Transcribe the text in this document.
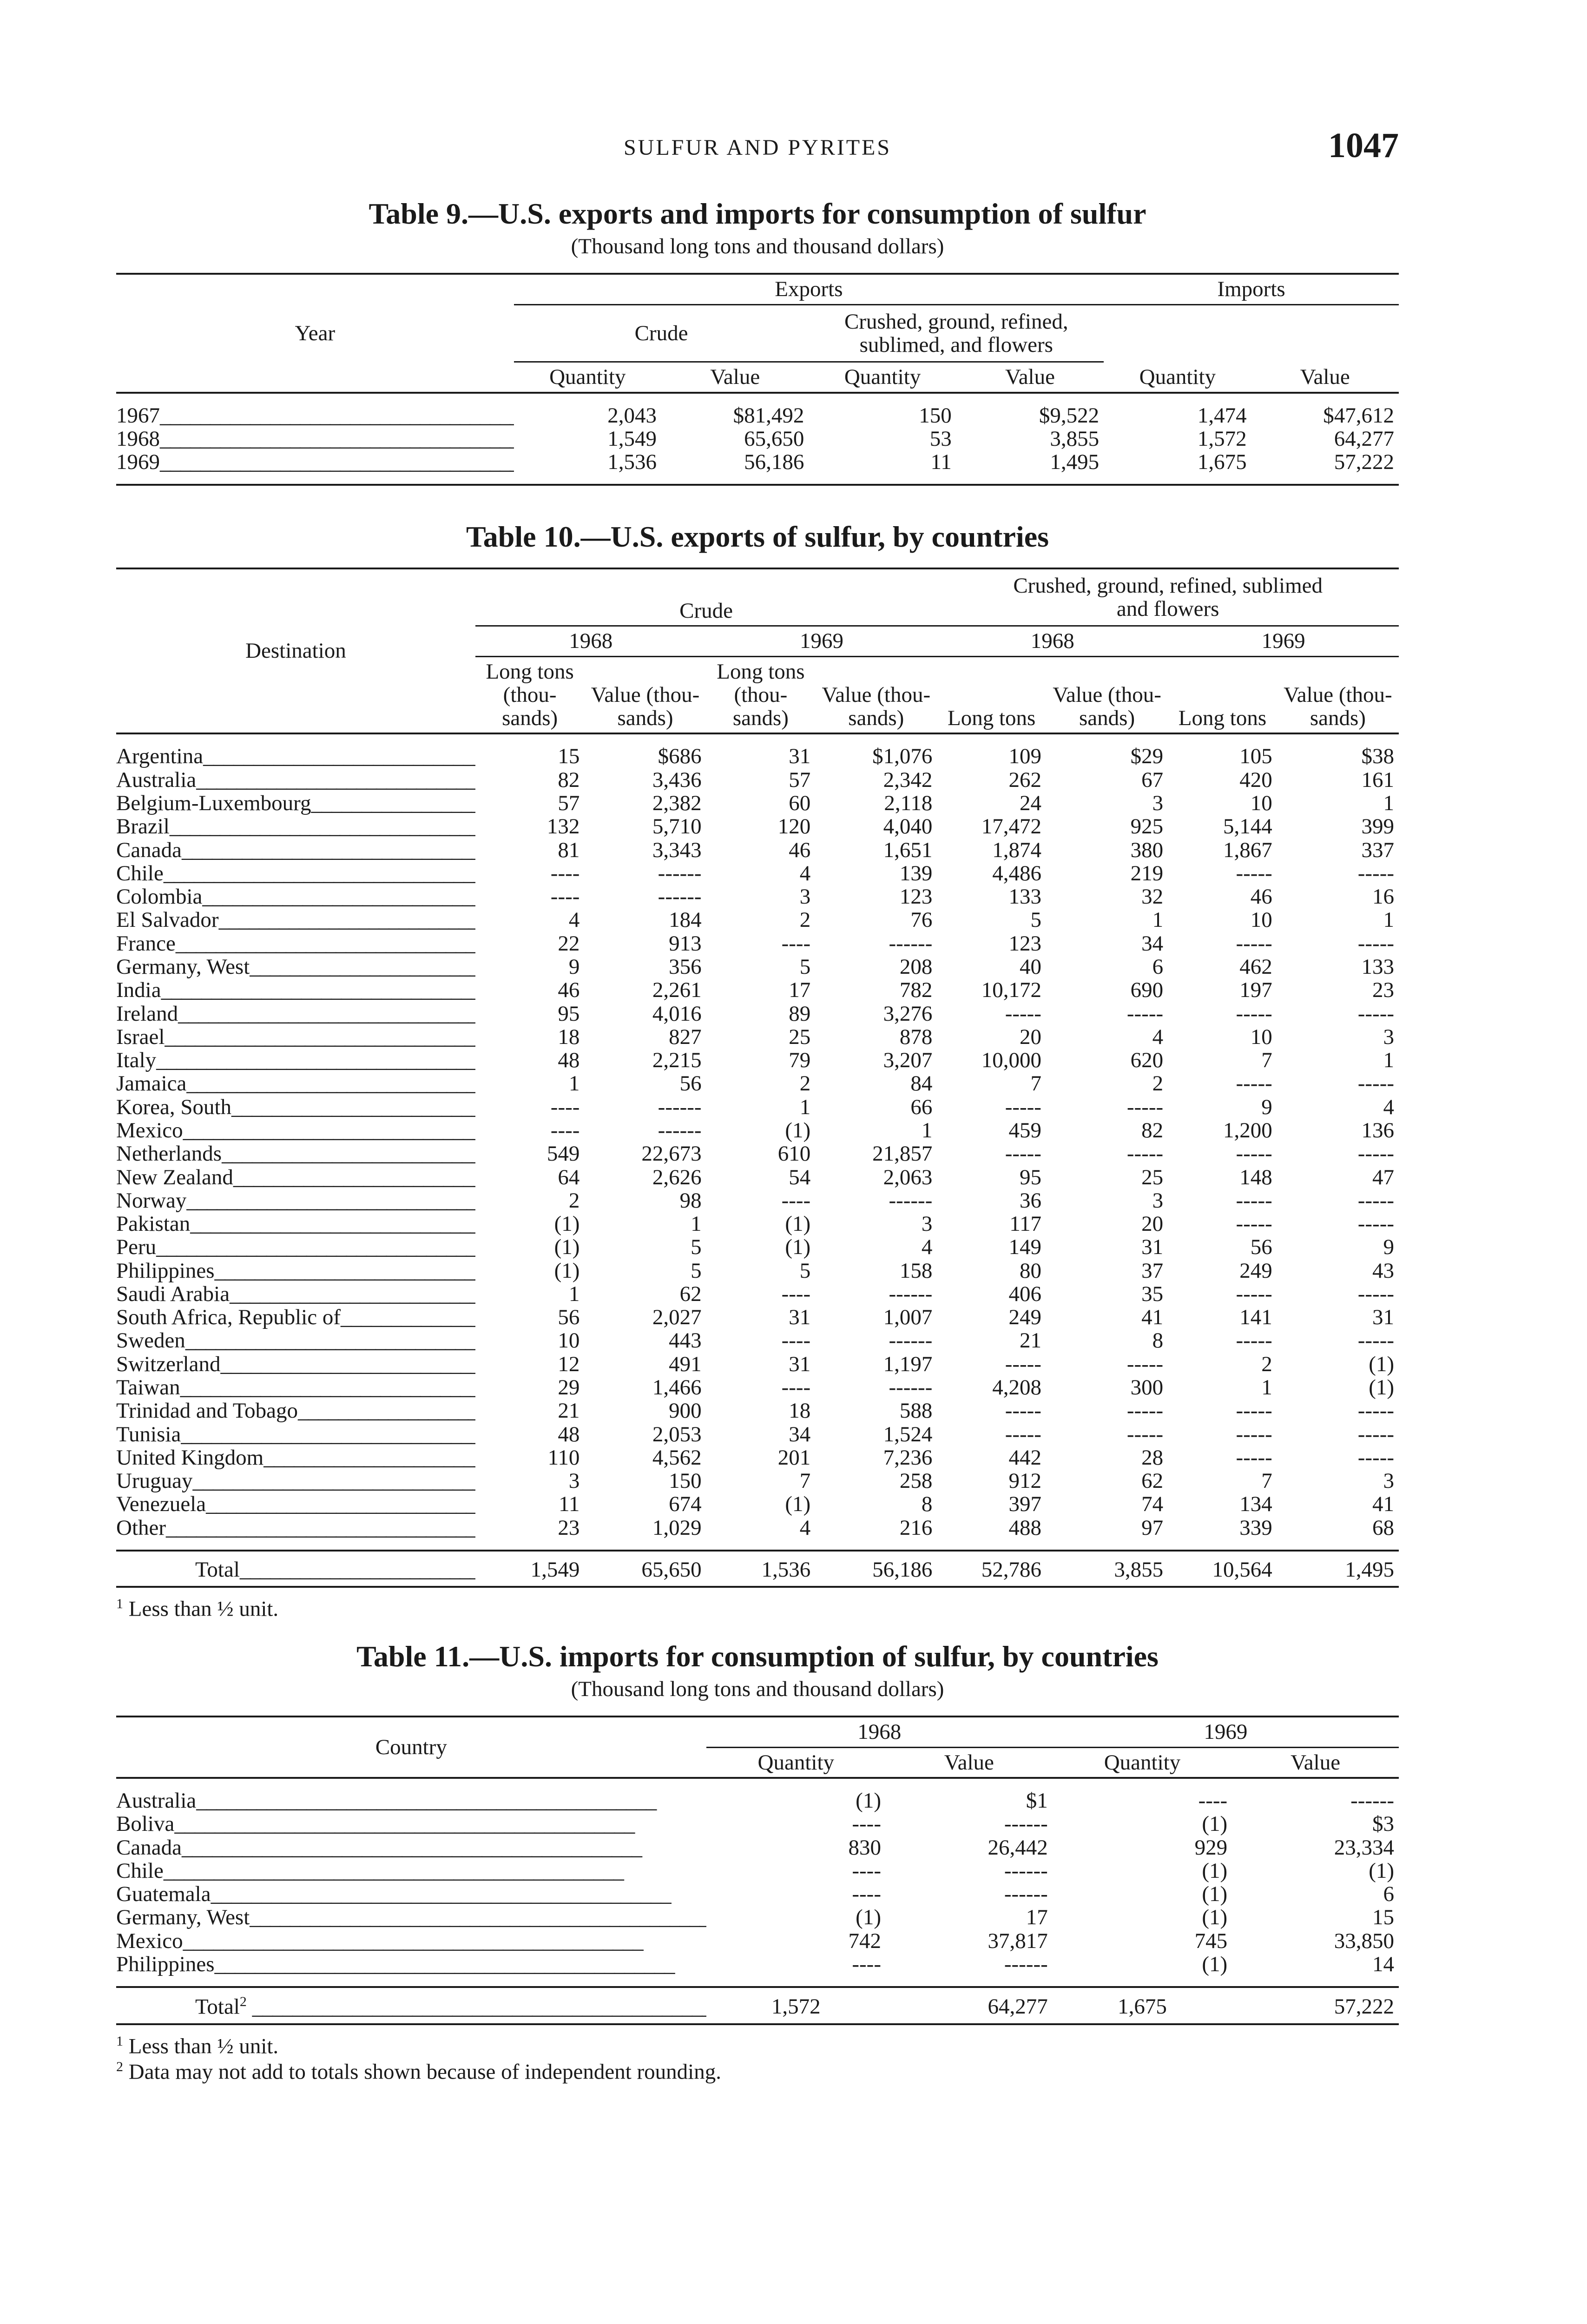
SULFUR AND PYRITES	1047
Table 9.—U.S. exports and imports for consumption of sulfur
(Thousand long tons and thousand dollars)
Year	Exports				Imports	
	Crude		Crushed, ground, refined, sublimed, and flowers			
	Quantity	Value	Quantity	Value	Quantity	Value

1967_____	2,043	$81,492	150	$9,522	1,474	$47,612
1968_____	1,549	65,650	53	3,855	1,572	64,277
1969_____	1,536	56,186	11	1,495	1,675	57,222

Table 10.—U.S. exports of sulfur, by countries
Destination	Crude				Crushed, ground, refined, sublimed and flowers			
	1968		1969		1968		1969	
	Long tons (thou- sands)	Value (thou- sands)	Long tons (thou- sands)	Value (thou- sands)	Long tons	Value (thou- sands)	Long tons	Value (thou- sands)

Argentina_____	15	$686	31	$1,076	109	$29	105	$38
Australia_____	82	3,436	57	2,342	262	67	420	161
Belgium-Luxembourg_____	57	2,382	60	2,118	24	3	10	1
Brazil_____	132	5,710	120	4,040	17,472	925	5,144	399
Canada_____	81	3,343	46	1,651	1,874	380	1,867	337
Chile_____	----	------	4	139	4,486	219	-----	-----
Colombia_____	----	------	3	123	133	32	46	16
El Salvador_____	4	184	2	76	5	1	10	1
France_____	22	913	----	------	123	34	-----	-----
Germany, West_____	9	356	5	208	40	6	462	133
India_____	46	2,261	17	782	10,172	690	197	23
Ireland_____	95	4,016	89	3,276	-----	-----	-----	-----
Israel_____	18	827	25	878	20	4	10	3
Italy_____	48	2,215	79	3,207	10,000	620	7	1
Jamaica_____	1	56	2	84	7	2	-----	-----
Korea, South_____	----	------	1	66	-----	-----	9	4
Mexico_____	----	------	(1)	1	459	82	1,200	136
Netherlands_____	549	22,673	610	21,857	-----	-----	-----	-----
New Zealand_____	64	2,626	54	2,063	95	25	148	47
Norway_____	2	98	----	------	36	3	-----	-----
Pakistan_____	(1)	1	(1)	3	117	20	-----	-----
Peru_____	(1)	5	(1)	4	149	31	56	9
Philippines_____	(1)	5	5	158	80	37	249	43
Saudi Arabia_____	1	62	----	------	406	35	-----	-----
South Africa, Republic of_____	56	2,027	31	1,007	249	41	141	31
Sweden_____	10	443	----	------	21	8	-----	-----
Switzerland_____	12	491	31	1,197	-----	-----	2	(1)
Taiwan_____	29	1,466	----	------	4,208	300	1	(1)
Trinidad and Tobago_____	21	900	18	588	-----	-----	-----	-----
Tunisia_____	48	2,053	34	1,524	-----	-----	-----	-----
United Kingdom_____	110	4,562	201	7,236	442	28	-----	-----
Uruguay_____	3	150	7	258	912	62	7	3
Venezuela_____	11	674	(1)	8	397	74	134	41
Other_____	23	1,029	4	216	488	97	339	68

Total_____	1,549	65,650	1,536	56,186	52,786	3,855	10,564	1,495
$^1$ Less than ½ unit.
Table 11.—U.S. imports for consumption of sulfur, by countries
(Thousand long tons and thousand dollars)
Country	1968		1969	
	Quantity	Value	Quantity	Value

Australia_____	(1)	$1	----	------
Boliva_____	----	------	(1)	$3
Canada_____	830	26,442	929	23,334
Chile_____	----	------	(1)	(1)
Guatemala_____	----	------	(1)	6
Germany, West_____	(1)	17	(1)	15
Mexico_____	742	37,817	745	33,850
Philippines_____	----	------	(1)	14

Total$^2$ _____	1,572	64,277	1,675	57,222
$^1$ Less than ½ unit.
$^2$ Data may not add to totals shown because of independent rounding.
